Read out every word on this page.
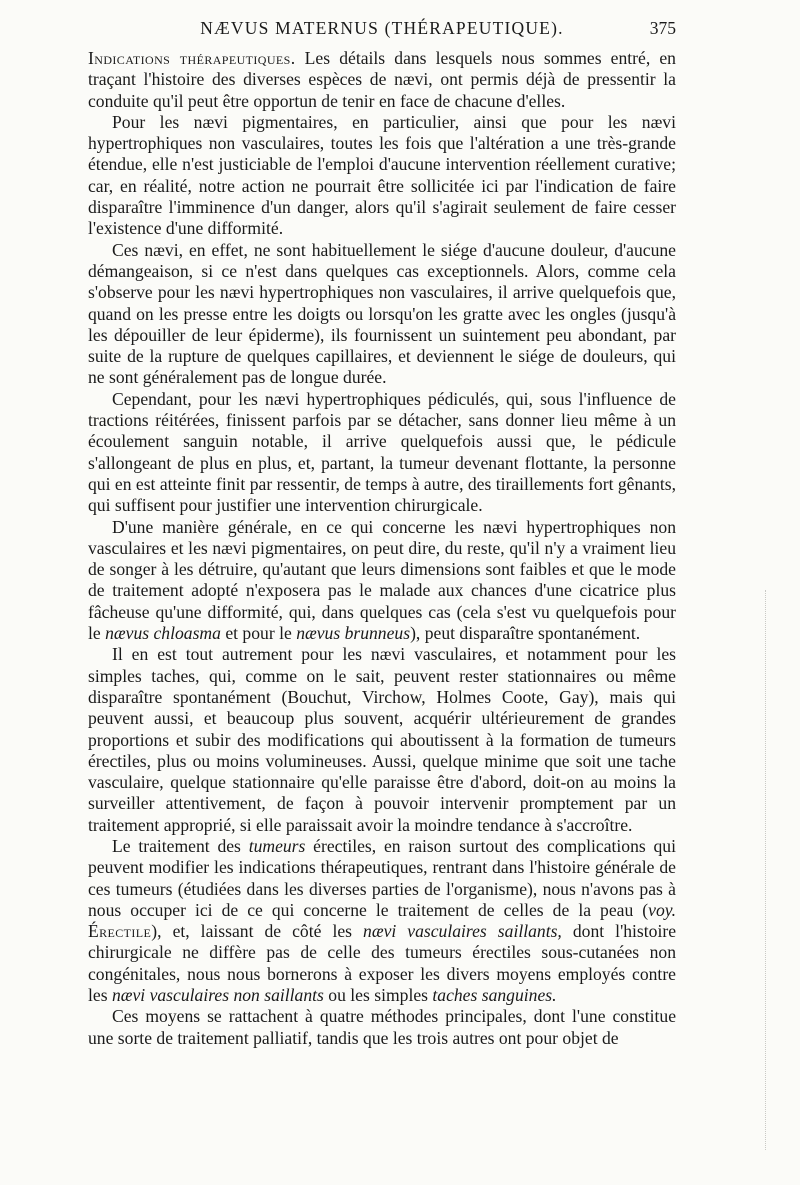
NÆVUS MATERNUS (THÉRAPEUTIQUE).	375

Indications thérapeutiques. Les détails dans lesquels nous sommes entré, en traçant l'histoire des diverses espèces de nævi, ont permis déjà de pressentir la conduite qu'il peut être opportun de tenir en face de chacune d'elles.

Pour les nævi pigmentaires, en particulier, ainsi que pour les nævi hypertrophiques non vasculaires, toutes les fois que l'altération a une très-grande étendue, elle n'est justiciable de l'emploi d'aucune intervention réellement curative; car, en réalité, notre action ne pourrait être sollicitée ici par l'indication de faire disparaître l'imminence d'un danger, alors qu'il s'agirait seulement de faire cesser l'existence d'une difformité.

Ces nævi, en effet, ne sont habituellement le siége d'aucune douleur, d'aucune démangeaison, si ce n'est dans quelques cas exceptionnels. Alors, comme cela s'observe pour les nævi hypertrophiques non vasculaires, il arrive quelquefois que, quand on les presse entre les doigts ou lorsqu'on les gratte avec les ongles (jusqu'à les dépouiller de leur épiderme), ils fournissent un suintement peu abondant, par suite de la rupture de quelques capillaires, et deviennent le siége de douleurs, qui ne sont généralement pas de longue durée.

Cependant, pour les nævi hypertrophiques pédiculés, qui, sous l'influence de tractions réitérées, finissent parfois par se détacher, sans donner lieu même à un écoulement sanguin notable, il arrive quelquefois aussi que, le pédicule s'allongeant de plus en plus, et, partant, la tumeur devenant flottante, la personne qui en est atteinte finit par ressentir, de temps à autre, des tiraillements fort gênants, qui suffisent pour justifier une intervention chirurgicale.

D'une manière générale, en ce qui concerne les nævi hypertrophiques non vasculaires et les nævi pigmentaires, on peut dire, du reste, qu'il n'y a vraiment lieu de songer à les détruire, qu'autant que leurs dimensions sont faibles et que le mode de traitement adopté n'exposera pas le malade aux chances d'une cicatrice plus fâcheuse qu'une difformité, qui, dans quelques cas (cela s'est vu quelquefois pour le nævus chloasma et pour le nævus brunneus), peut disparaître spontanément.

Il en est tout autrement pour les nævi vasculaires, et notamment pour les simples taches, qui, comme on le sait, peuvent rester stationnaires ou même disparaître spontanément (Bouchut, Virchow, Holmes Coote, Gay), mais qui peuvent aussi, et beaucoup plus souvent, acquérir ultérieurement de grandes proportions et subir des modifications qui aboutissent à la formation de tumeurs érectiles, plus ou moins volumineuses. Aussi, quelque minime que soit une tache vasculaire, quelque stationnaire qu'elle paraisse être d'abord, doit-on au moins la surveiller attentivement, de façon à pouvoir intervenir promptement par un traitement approprié, si elle paraissait avoir la moindre tendance à s'accroître.

Le traitement des tumeurs érectiles, en raison surtout des complications qui peuvent modifier les indications thérapeutiques, rentrant dans l'histoire générale de ces tumeurs (étudiées dans les diverses parties de l'organisme), nous n'avons pas à nous occuper ici de ce qui concerne le traitement de celles de la peau (voy. Érectile), et, laissant de côté les nævi vasculaires saillants, dont l'histoire chirurgicale ne diffère pas de celle des tumeurs érectiles sous-cutanées non congénitales, nous nous bornerons à exposer les divers moyens employés contre les nævi vasculaires non saillants ou les simples taches sanguines.

Ces moyens se rattachent à quatre méthodes principales, dont l'une constitue une sorte de traitement palliatif, tandis que les trois autres ont pour objet de
